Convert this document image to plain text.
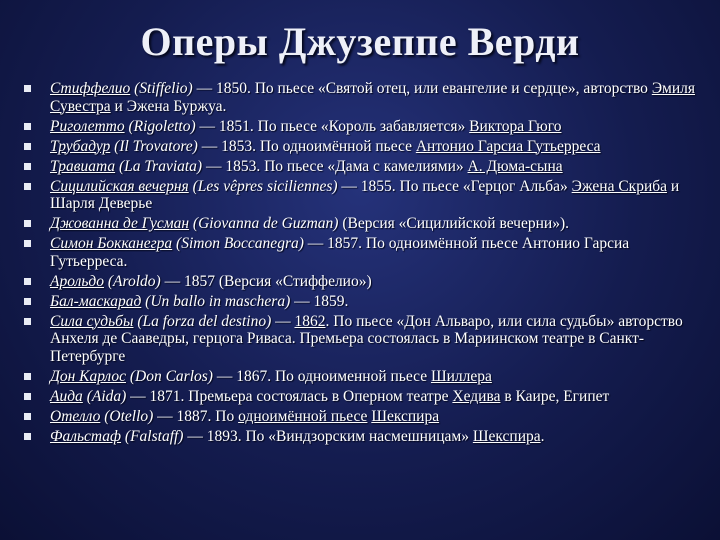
Оперы Джузеппе Верди
Стиффелио (Stiffelio) — 1850. По пьесе «Святой отец, или евангелие и сердце», авторство Эмиля Сувестра и Эжена Буржуа.
Риголетто (Rigoletto) — 1851. По пьесе «Король забавляется» Виктора Гюго
Трубадур (Il Trovatore) — 1853. По одноимённой пьесе Антонио Гарсиа Гутьерреса
Травиата (La Traviata) — 1853. По пьесе «Дама с камелиями» А. Дюма-сына
Сицилийская вечерня (Les vêpres siciliennes) — 1855. По пьесе «Герцог Альба» Эжена Скриба и Шарля Деверье
Джованна де Гусман (Giovanna de Guzman) (Версия «Сицилийской вечерни»).
Симон Бокканегра (Simon Boccanegra) — 1857. По одноимённой пьесе Антонио Гарсиа Гутьерреса.
Арольдо (Aroldo) — 1857 (Версия «Стиффелио»)
Бал-маскарад (Un ballo in maschera) — 1859.
Сила судьбы (La forza del destino) — 1862. По пьесе «Дон Альваро, или сила судьбы» авторство Анхеля де Сааведры, герцога Риваса. Премьера состоялась в Мариинском театре в Санкт-Петербурге
Дон Карлос (Don Carlos) — 1867. По одноименной пьесе Шиллера
Аида (Aida) — 1871. Премьера состоялась в Оперном театре Хедива в Каире, Египет
Отелло (Otello) — 1887. По одноимённой пьесе Шекспира
Фальстаф (Falstaff) — 1893. По «Виндзорским насмешницам» Шекспира.
